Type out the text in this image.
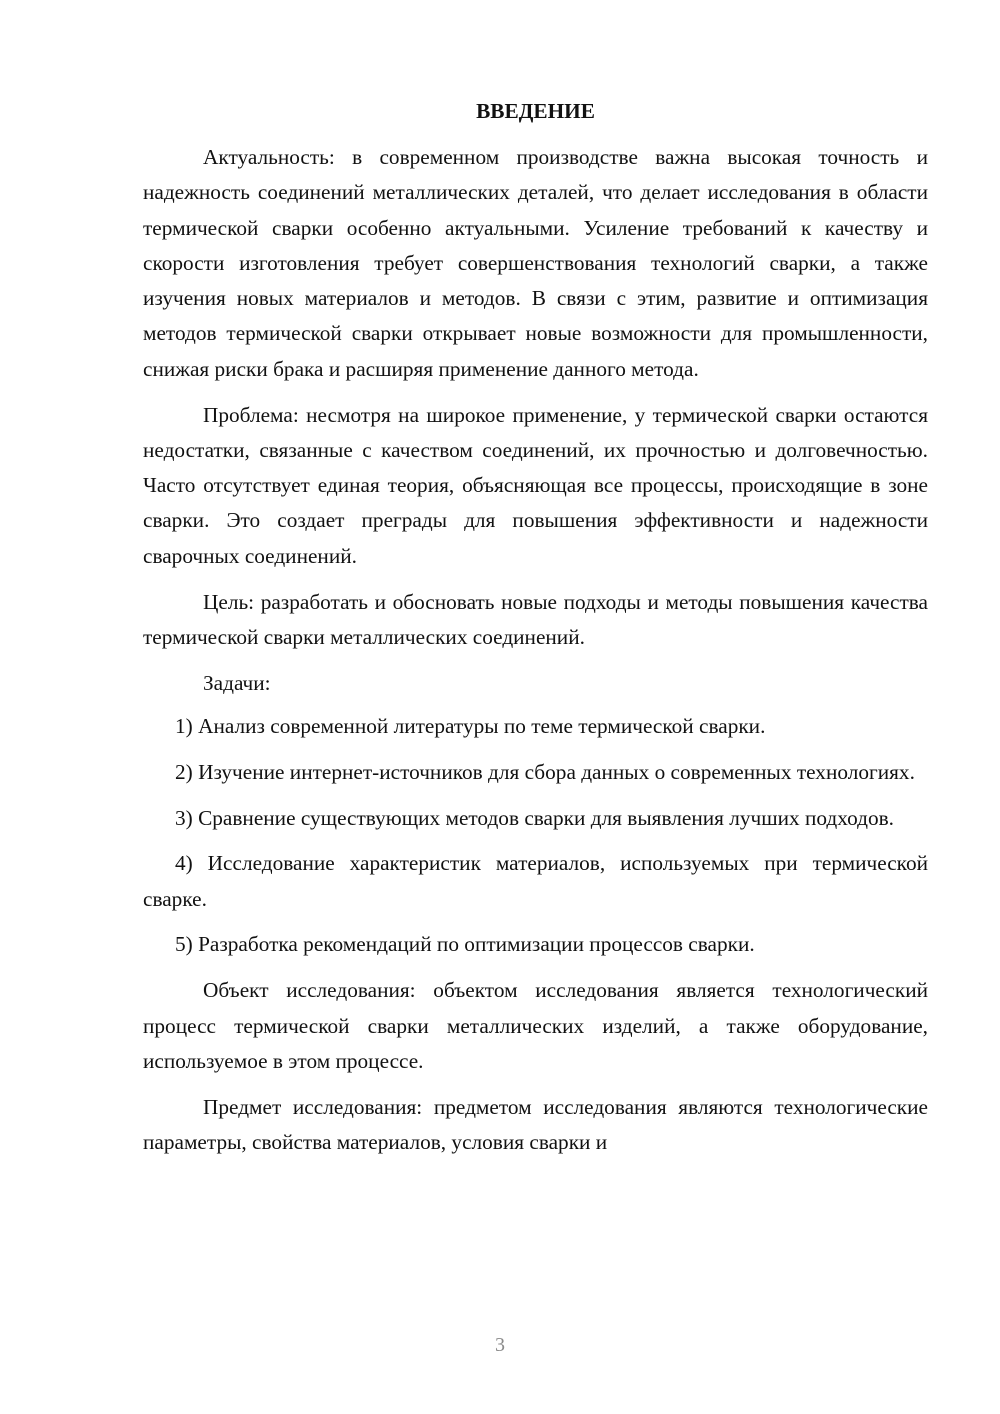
ВВЕДЕНИЕ

Актуальность: в современном производстве важна высокая точность и надежность соединений металлических деталей, что делает исследования в области термической сварки особенно актуальными. Усиление требований к качеству и скорости изготовления требует совершенствования технологий сварки, а также изучения новых материалов и методов. В связи с этим, развитие и оптимизация методов термической сварки открывает новые возможности для промышленности, снижая риски брака и расширяя применение данного метода.

Проблема: несмотря на широкое применение, у термической сварки остаются недостатки, связанные с качеством соединений, их прочностью и долговечностью. Часто отсутствует единая теория, объясняющая все процессы, происходящие в зоне сварки. Это создает преграды для повышения эффективности и надежности сварочных соединений.

Цель: разработать и обосновать новые подходы и методы повышения качества термической сварки металлических соединений.

Задачи:

1) Анализ современной литературы по теме термической сварки.

2) Изучение интернет-источников для сбора данных о современных технологиях.

3) Сравнение существующих методов сварки для выявления лучших подходов.

4) Исследование характеристик материалов, используемых при термической сварке.

5) Разработка рекомендаций по оптимизации процессов сварки.

Объект исследования: объектом исследования является технологический процесс термической сварки металлических изделий, а также оборудование, используемое в этом процессе.

Предмет исследования: предметом исследования являются технологические параметры, свойства материалов, условия сварки и

3
